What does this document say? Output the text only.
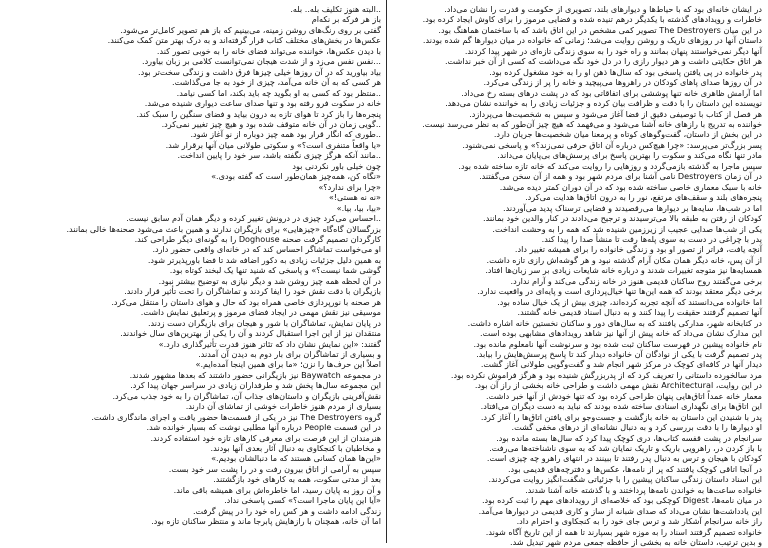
در ایشان خانه‌ای بود که با حیاط‌ها و دیوارهای بلند، تصویری از حکومت و قدرت را نشان می‌داد.

خاطرات و رویدادهای گذشته با یکدیگر درهم تنیده شده و فضایی مرموز را برای کاوش ایجاد کرده بود.

در این میان The Destroyers تصویر کمی مشخص در این اتاق باشد که با ساختمان هماهنگ بود.

داستان آنها در روزهای تاریک و روشن روایت می‌شد؛ زمانی که خانواده در میان دیوارها گم شده بودند.

آنها دیگر نمی‌خواستند پنهان بمانند و راه خود را به سوی زندگی تازه‌ای در شهر پیدا کردند.

هر اتاق حکایتی داشت و هر دیوار رازی را در دل خود نگه می‌داشت که کسی از آن خبر نداشت.

پدر خانواده در پی یافتن پاسخی بود که سال‌ها ذهن او را به خود مشغول کرده بود.

در آن روزها صدای پاهای کودکان در راهروها می‌پیچید و خانه را پر از زندگی می‌کرد.

اما آرامش ظاهری خانه تنها پوششی برای اتفاقاتی بود که در پشت درهای بسته رخ می‌داد.

نویسنده این داستان را با دقت و ظرافت بیان کرده و جزئیات زیادی را به خواننده نشان می‌دهد.

هر فصل از کتاب با توصیفی دقیق از فضا آغاز می‌شود و سپس به شخصیت‌ها می‌پردازد.

خواننده به تدریج با رازهای خانه آشنا می‌شود و می‌فهمد که هیچ چیز آن‌طور که به نظر می‌رسد نیست.

در این بخش از داستان، گفت‌وگوهای کوتاه و پرمعنا میان شخصیت‌ها جریان دارد.

پسر بزرگ‌تر می‌پرسد: «چرا هیچ‌کس درباره آن اتاق حرفی نمی‌زند؟» و پاسخی نمی‌شنود.

مادر تنها نگاه می‌کند و سکوت را بهترین پاسخ برای پرسش‌های بی‌پایان می‌داند.

سپس ماجرا به گذشته بازمی‌گردد و روزهایی را روایت می‌کند که خانه تازه ساخته شده بود.

در آن زمان Destroyers نامی آشنا برای مردم شهر بود و همه از آن سخن می‌گفتند.

خانه با سبک معماری خاصی ساخته شده بود که در آن دوران کمتر دیده می‌شد.

پنجره‌های بلند و سقف‌های مرتفع، نور را به درون اتاق‌ها هدایت می‌کرد.

اما در شب‌ها، سایه‌ها بر دیوارها می‌رقصیدند و فضایی ترسناک پدید می‌آوردند.

کودکان از رفتن به طبقه بالا می‌ترسیدند و ترجیح می‌دادند در کنار والدین خود بمانند.

یکی از شب‌ها صدایی عجیب از زیرزمین شنیده شد که همه را به وحشت انداخت.

پدر با چراغی در دست به سوی پله‌ها رفت تا منشأ صدا را پیدا کند.

آنچه یافت، فراتر از تصور او بود و زندگی خانواده را برای همیشه تغییر داد.

از آن پس، خانه دیگر همان مکان آرام گذشته نبود و هر گوشه‌اش رازی تازه داشت.

همسایه‌ها نیز متوجه تغییرات شدند و درباره خانه شایعات زیادی بر سر زبان‌ها افتاد.

برخی می‌گفتند روح ساکنان قدیمی هنوز در خانه زندگی می‌کند و آرام ندارد.

برخی دیگر معتقد بودند که همه این‌ها تنها خیال‌پردازی است و پایه‌ای در واقعیت ندارد.

اما خانواده می‌دانستند که آنچه تجربه کرده‌اند، چیزی بیش از یک خیال ساده بود.

آنها تصمیم گرفتند حقیقت را پیدا کنند و به دنبال اسناد قدیمی خانه گشتند.

در کتابخانه شهر، مدارکی یافتند که به سال‌های دور و ساکنان نخستین خانه اشاره داشت.

این مدارک نشان می‌داد که خانه پیش از آنها نیز شاهد رویدادهای مشابهی بوده است.

نام خانواده پیشین در فهرست ساکنان ثبت شده بود و سرنوشت آنها نامعلوم مانده بود.

پدر تصمیم گرفت با یکی از نوادگان آن خانواده دیدار کند تا پاسخ پرسش‌هایش را بیابد.

دیدار آنها در کافه‌ای کوچک در مرکز شهر انجام شد و گفت‌وگویی طولانی آغاز گشت.

مرد سالخورده داستانی را تعریف کرد که از پدربزرگش شنیده بود و هرگز فراموش نکرده بود.

در این روایت، Architectural نقش مهمی داشت و طراحی خانه بخشی از راز آن بود.

معمار خانه عمداً اتاق‌هایی پنهان طراحی کرده بود که تنها خودش از آنها خبر داشت.

این اتاق‌ها برای نگهداری اسنادی ساخته شده بودند که نباید به دست دیگران می‌افتاد.

پدر با شنیدن این داستان به خانه بازگشت و جست‌وجو برای یافتن اتاق‌ها را آغاز کرد.

او دیوارها را با دقت بررسی کرد و به دنبال نشانه‌ای از درهای مخفی گشت.

سرانجام در پشت قفسه کتاب‌ها، دری کوچک پیدا کرد که سال‌ها بسته مانده بود.

با باز کردن در، راهرویی باریک و تاریک نمایان شد که به سوی ناشناخته‌ها می‌رفت.

کودکان با هیجان و ترس به دنبال پدر رفتند تا ببینند در انتهای راهرو چه چیزی است.

در آنجا اتاقی کوچک یافتند که پر از نامه‌ها، عکس‌ها و دفترچه‌های قدیمی بود.

این اسناد داستان زندگی ساکنان پیشین را با جزئیاتی شگفت‌انگیز روایت می‌کردند.

خانواده ساعت‌ها به خواندن نامه‌ها پرداختند و با گذشته خانه آشنا شدند.

در میان نامه‌ها، Digest کوچکی بود که خلاصه‌ای از رویدادهای مهم را ثبت کرده بود.

این یادداشت‌ها نشان می‌داد که صدای شبانه از ساز و کاری قدیمی در دیوارها می‌آمد.

راز خانه سرانجام آشکار شد و ترس جای خود را به کنجکاوی و احترام داد.

خانواده تصمیم گرفتند اسناد را به موزه شهر بسپارند تا همه از این تاریخ آگاه شوند.

و بدین ترتیب، داستان خانه به بخشی از حافظه جمعی مردم شهر تبدیل شد.

..البته هنوز تکلیف بله.. بله.

باز هر فرکه بر نکه‌ام

گفتی بر روی رنگ‌های روشن زمینه، می‌بینیم که باز هم تصویر کامل‌تر می‌شود.

عکس‌ها در بخش‌های مختلف کتاب قرار گرفته‌اند و به درک بهتر متن کمک می‌کنند.

با دیدن عکس‌ها، خواننده می‌تواند فضای خانه را به خوبی تصور کند.

...نفس نفس می‌زد و از شدت هیجان نمی‌توانست کلامی بر زبان بیاورد.

بیاد بیاورید که در آن روزها خیلی چیزها فرق داشت و زندگی سخت‌تر بود.

هر کسی که به آن خانه می‌آمد، چیزی از خود به جا می‌گذاشت.

..منتظر بود که کسی به او بگوید چه باید بکند، اما کسی نیامد.

خانه در سکوت فرو رفته بود و تنها صدای ساعت دیواری شنیده می‌شد.

پنجره‌ها را باز کرد تا هوای تازه به درون بیاید و فضای سنگین را سبک کند.

..گویی زمان در آن خانه متوقف شده بود و هیچ چیز تغییر نمی‌کرد.

..طوری که انگار قرار بود همه چیز دوباره از نو آغاز شود.

«یا واقعاً متنفری است؟» و سکوتی طولانی میان آنها برقرار شد.

..مانند آنکه هرگز چیزی نگفته باشد، سر خود را پایین انداخت.

چون خیلی باور نکردنی بود

«نگاه کن، همه‌چیز همان‌طور است که گفته بودی.»

«چرا برای ندارد؟»

«نه نه هستی!»

«بیا، بیا، بیا.»

..احساس می‌کرد چیزی در درونش تغییر کرده و دیگر همان آدم سابق نیست.

بزرگسالان گاه‌گاه «چیزهایی» برای بازیگران ندارند و همین باعث می‌شود صحنه‌ها خالی بمانند.

کارگردان تصمیم گرفت صحنه Doghouse را به گونه‌ای دیگر طراحی کند.

او می‌خواست تماشاگر احساس کند که در خانه‌ای واقعی حضور دارد.

به همین دلیل جزئیات زیادی به دکور اضافه شد تا فضا باورپذیرتر شود.

گوشی شما نیست؟» و پاسخی که شنید تنها یک لبخند کوتاه بود.

در آن لحظه همه چیز روشن شد و دیگر نیازی به توضیح بیشتر نبود.

بازیگران با دقت نقش خود را ایفا کردند و تماشاگران را تحت تأثیر قرار دادند.

هر صحنه با نورپردازی خاصی همراه بود که حال و هوای داستان را منتقل می‌کرد.

موسیقی نیز نقش مهمی در ایجاد فضای مرموز و پرتعلیق نمایش داشت.

در پایان نمایش، تماشاگران با شور و هیجان برای بازیگران دست زدند.

منتقدان نیز از این اجرا استقبال کردند و آن را یکی از بهترین‌های سال خواندند.

گفتند: «این نمایش نشان داد که تئاتر هنوز قدرت تأثیرگذاری دارد.»

و بسیاری از تماشاگران برای بار دوم به دیدن آن آمدند.

اصلاً این حرف‌ها را نزن؛ «ما برای همین اینجا آمده‌ایم.»

در مجموعه Baywatch نیز بازیگرانی حضور داشتند که بعدها مشهور شدند.

این مجموعه سال‌ها پخش شد و طرفداران زیادی در سراسر جهان پیدا کرد.

نقش‌آفرینی بازیگران و داستان‌های جذاب آن، تماشاگران را به خود جذب می‌کرد.

بسیاری از مردم هنوز خاطرات خوشی از تماشای آن دارند.

گروه The Destroyers نیز در یکی از قسمت‌ها حضور یافت و اجرای ماندگاری داشت.

در این قسمت People درباره آنها مطلبی نوشت که بسیار خوانده شد.

هنرمندان از این فرصت برای معرفی کارهای تازه خود استفاده کردند.

و مخاطبان با کنجکاوی به دنبال آثار بعدی آنها بودند.

«این‌ها همان کسانی هستند که ما دنبالشان بودیم.»

سپس به آرامی از اتاق بیرون رفت و در را پشت سر خود بست.

بعد از مدتی سکوت، همه به کارهای خود بازگشتند.

و آن روز به پایان رسید، اما خاطره‌اش برای همیشه باقی ماند.

«آیا این پایان ماجرا است؟» کسی پاسخی نداد.

زندگی ادامه داشت و هر کس راه خود را در پیش گرفت.

اما آن خانه، همچنان با رازهایش پابرجا ماند و منتظر ساکنان تازه بود.
